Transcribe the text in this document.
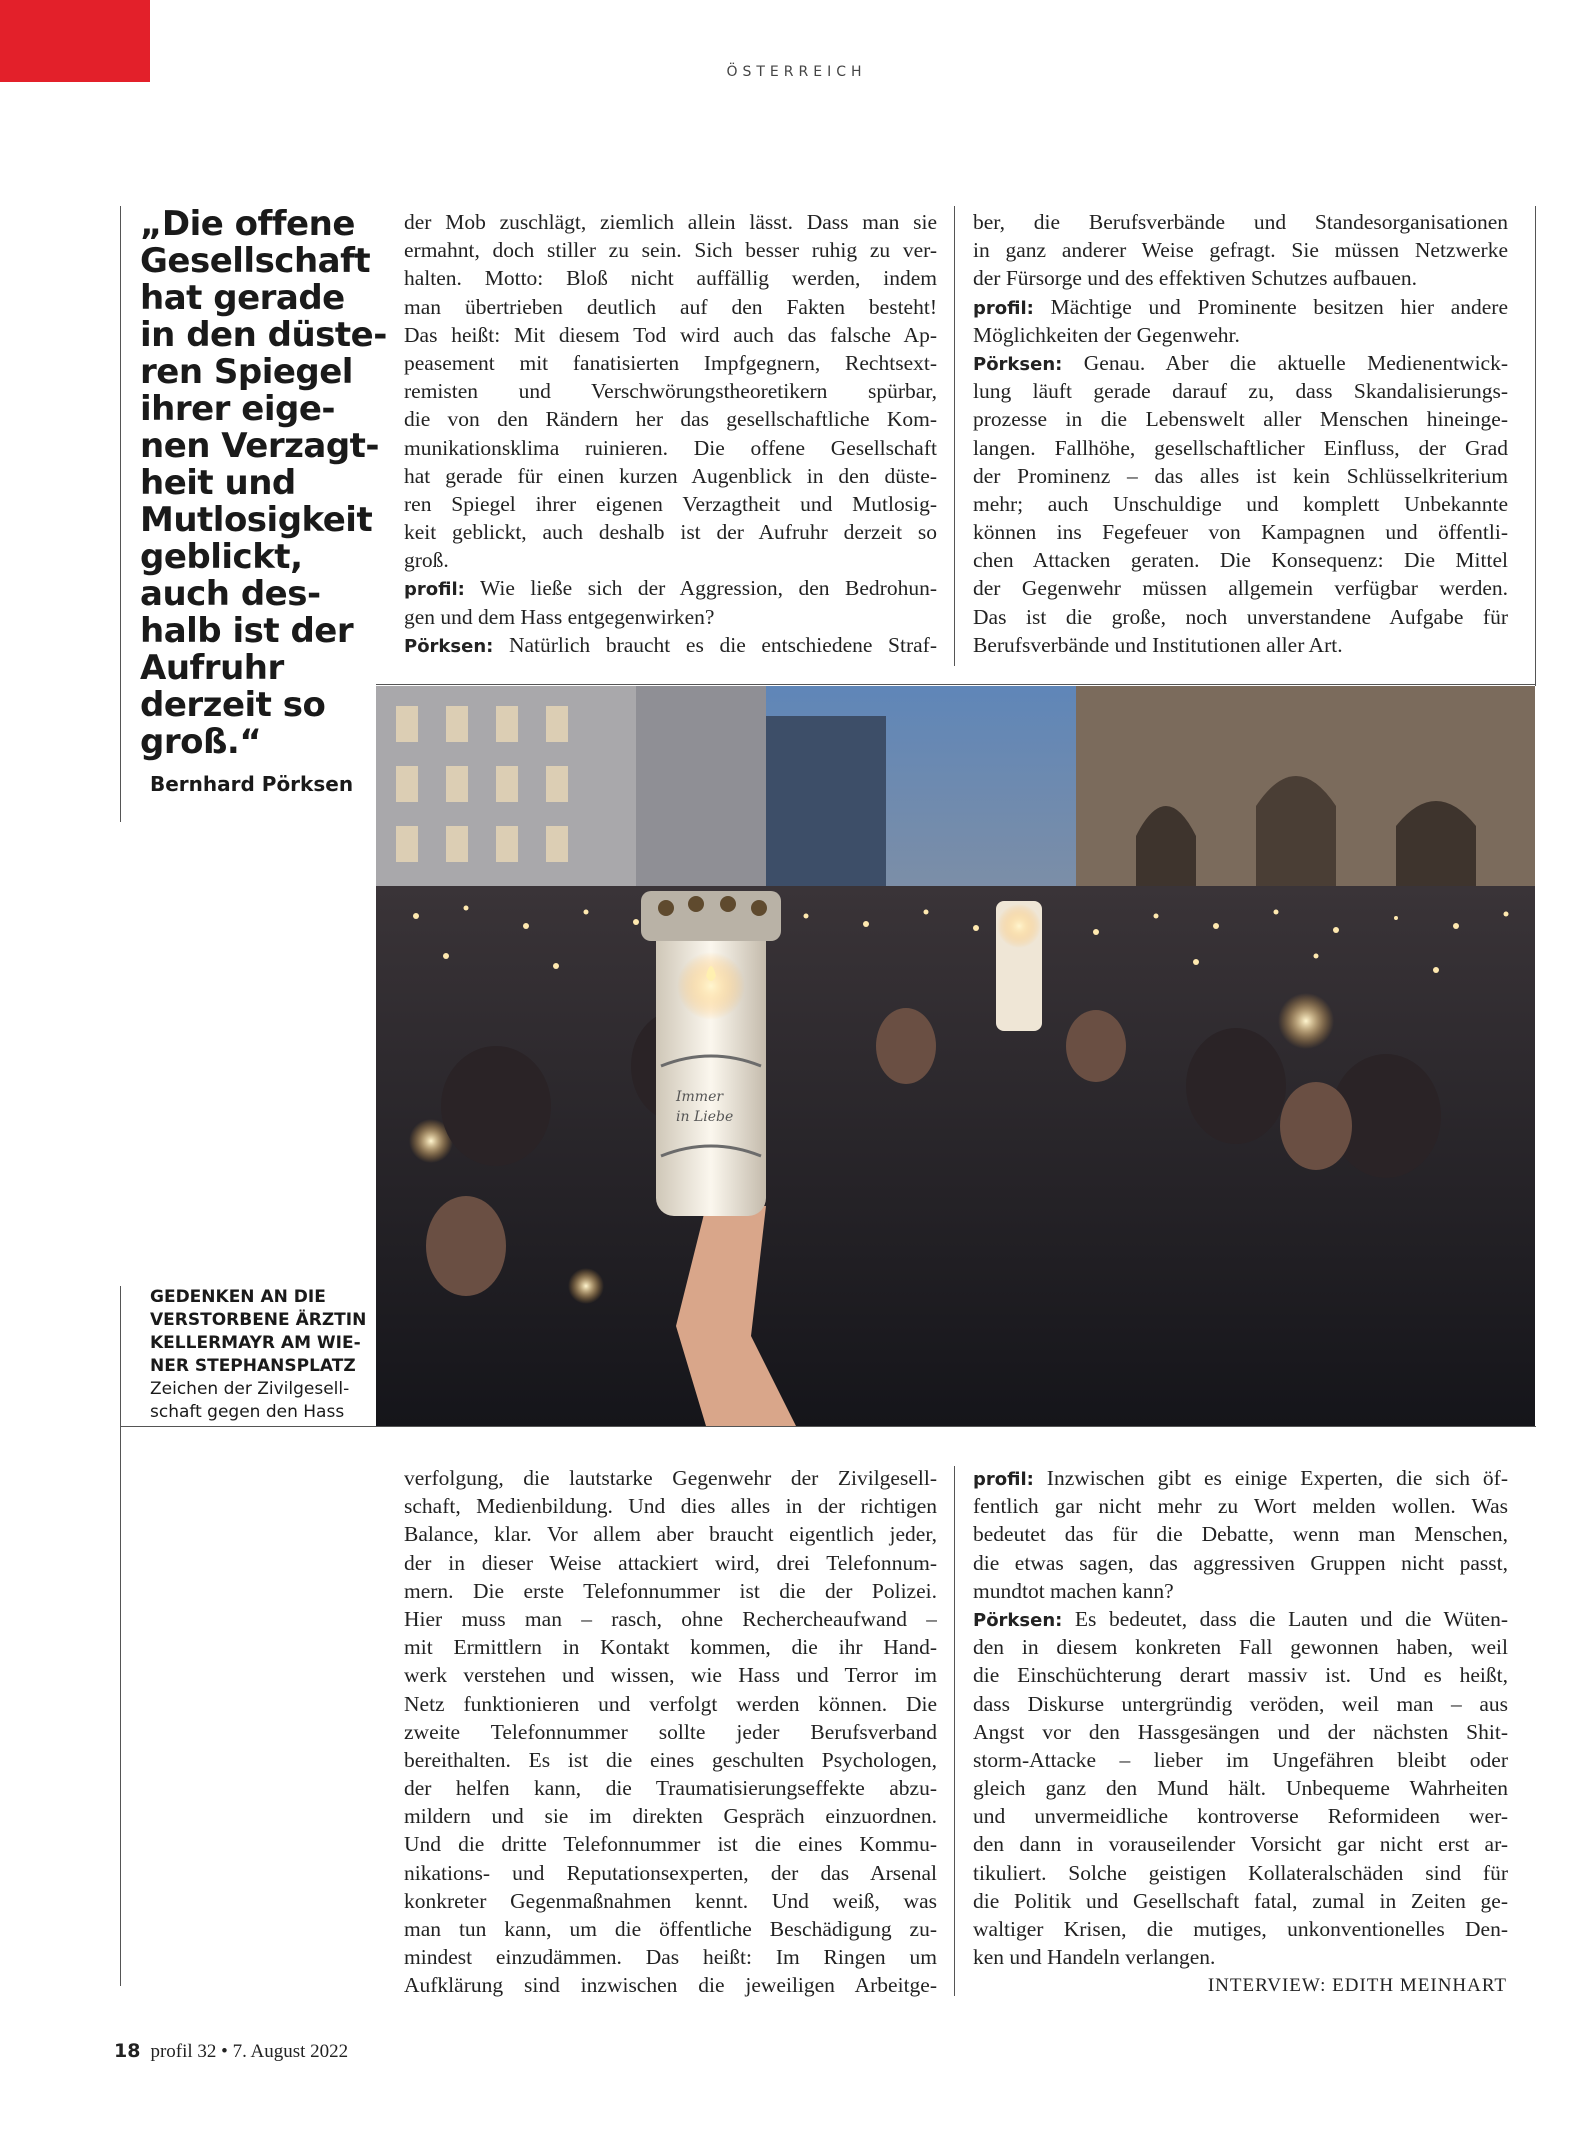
ÖSTERREICH
„Die offene
Gesellschaft
hat gerade
in den düste-
ren Spiegel
ihrer eige-
nen Verzagt-
heit und
Mutlosigkeit
geblickt,
auch des-
halb ist der
Aufruhr
derzeit so
groß.“
Bernhard Pörksen
der Mob zuschlägt, ziemlich allein lässt. Dass man sie
ermahnt, doch stiller zu sein. Sich besser ruhig zu ver-
halten. Motto: Bloß nicht auffällig werden, indem
man übertrieben deutlich auf den Fakten besteht!
Das heißt: Mit diesem Tod wird auch das falsche Ap-
peasement mit fanatisierten Impfgegnern, Rechtsext-
remisten und Verschwörungstheoretikern spürbar,
die von den Rändern her das gesellschaftliche Kom-
munikationsklima ruinieren. Die offene Gesellschaft
hat gerade für einen kurzen Augenblick in den düste-
ren Spiegel ihrer eigenen Verzagtheit und Mutlosig-
keit geblickt, auch deshalb ist der Aufruhr derzeit so
groß.
profil: Wie ließe sich der Aggression, den Bedrohun-
gen und dem Hass entgegenwirken?
Pörksen: Natürlich braucht es die entschiedene Straf-
ber, die Berufsverbände und Standesorganisationen
in ganz anderer Weise gefragt. Sie müssen Netzwerke
der Fürsorge und des effektiven Schutzes aufbauen.
profil: Mächtige und Prominente besitzen hier andere
Möglichkeiten der Gegenwehr.
Pörksen: Genau. Aber die aktuelle Medienentwick-
lung läuft gerade darauf zu, dass Skandalisierungs-
prozesse in die Lebenswelt aller Menschen hineinge-
langen. Fallhöhe, gesellschaftlicher Einfluss, der Grad
der Prominenz – das alles ist kein Schlüsselkriterium
mehr; auch Unschuldige und komplett Unbekannte
können ins Fegefeuer von Kampagnen und öffentli-
chen Attacken geraten. Die Konsequenz: Die Mittel
der Gegenwehr müssen allgemein verfügbar werden.
Das ist die große, noch unverstandene Aufgabe für
Berufsverbände und Institutionen aller Art.
verfolgung, die lautstarke Gegenwehr der Zivilgesell-
schaft, Medienbildung. Und dies alles in der richtigen
Balance, klar. Vor allem aber braucht eigentlich jeder,
der in dieser Weise attackiert wird, drei Telefonnum-
mern. Die erste Telefonnummer ist die der Polizei.
Hier muss man – rasch, ohne Rechercheaufwand –
mit Ermittlern in Kontakt kommen, die ihr Hand-
werk verstehen und wissen, wie Hass und Terror im
Netz funktionieren und verfolgt werden können. Die
zweite Telefonnummer sollte jeder Berufsverband
bereithalten. Es ist die eines geschulten Psychologen,
der helfen kann, die Traumatisierungseffekte abzu-
mildern und sie im direkten Gespräch einzuordnen.
Und die dritte Telefonnummer ist die eines Kommu-
nikations- und Reputationsexperten, der das Arsenal
konkreter Gegenmaßnahmen kennt. Und weiß, was
man tun kann, um die öffentliche Beschädigung zu-
mindest einzudämmen. Das heißt: Im Ringen um
Aufklärung sind inzwischen die jeweiligen Arbeitge-
profil: Inzwischen gibt es einige Experten, die sich öf-
fentlich gar nicht mehr zu Wort melden wollen. Was
bedeutet das für die Debatte, wenn man Menschen,
die etwas sagen, das aggressiven Gruppen nicht passt,
mundtot machen kann?
Pörksen: Es bedeutet, dass die Lauten und die Wüten-
den in diesem konkreten Fall gewonnen haben, weil
die Einschüchterung derart massiv ist. Und es heißt,
dass Diskurse untergründig veröden, weil man – aus
Angst vor den Hassgesängen und der nächsten Shit-
storm-Attacke – lieber im Ungefähren bleibt oder
gleich ganz den Mund hält. Unbequeme Wahrheiten
und unvermeidliche kontroverse Reformideen wer-
den dann in vorauseilender Vorsicht gar nicht erst ar-
tikuliert. Solche geistigen Kollateralschäden sind für
die Politik und Gesellschaft fatal, zumal in Zeiten ge-
waltiger Krisen, die mutiges, unkonventionelles Den-
ken und Handeln verlangen.
Immer
in Liebe
GEDENKEN AN DIE
VERSTORBENE ÄRZTIN
KELLERMAYR AM WIE-
NER STEPHANSPLATZ
Zeichen der Zivilgesell-
schaft gegen den Hass
INTERVIEW: EDITH MEINHART
18 profil 32 • 7. August 2022
